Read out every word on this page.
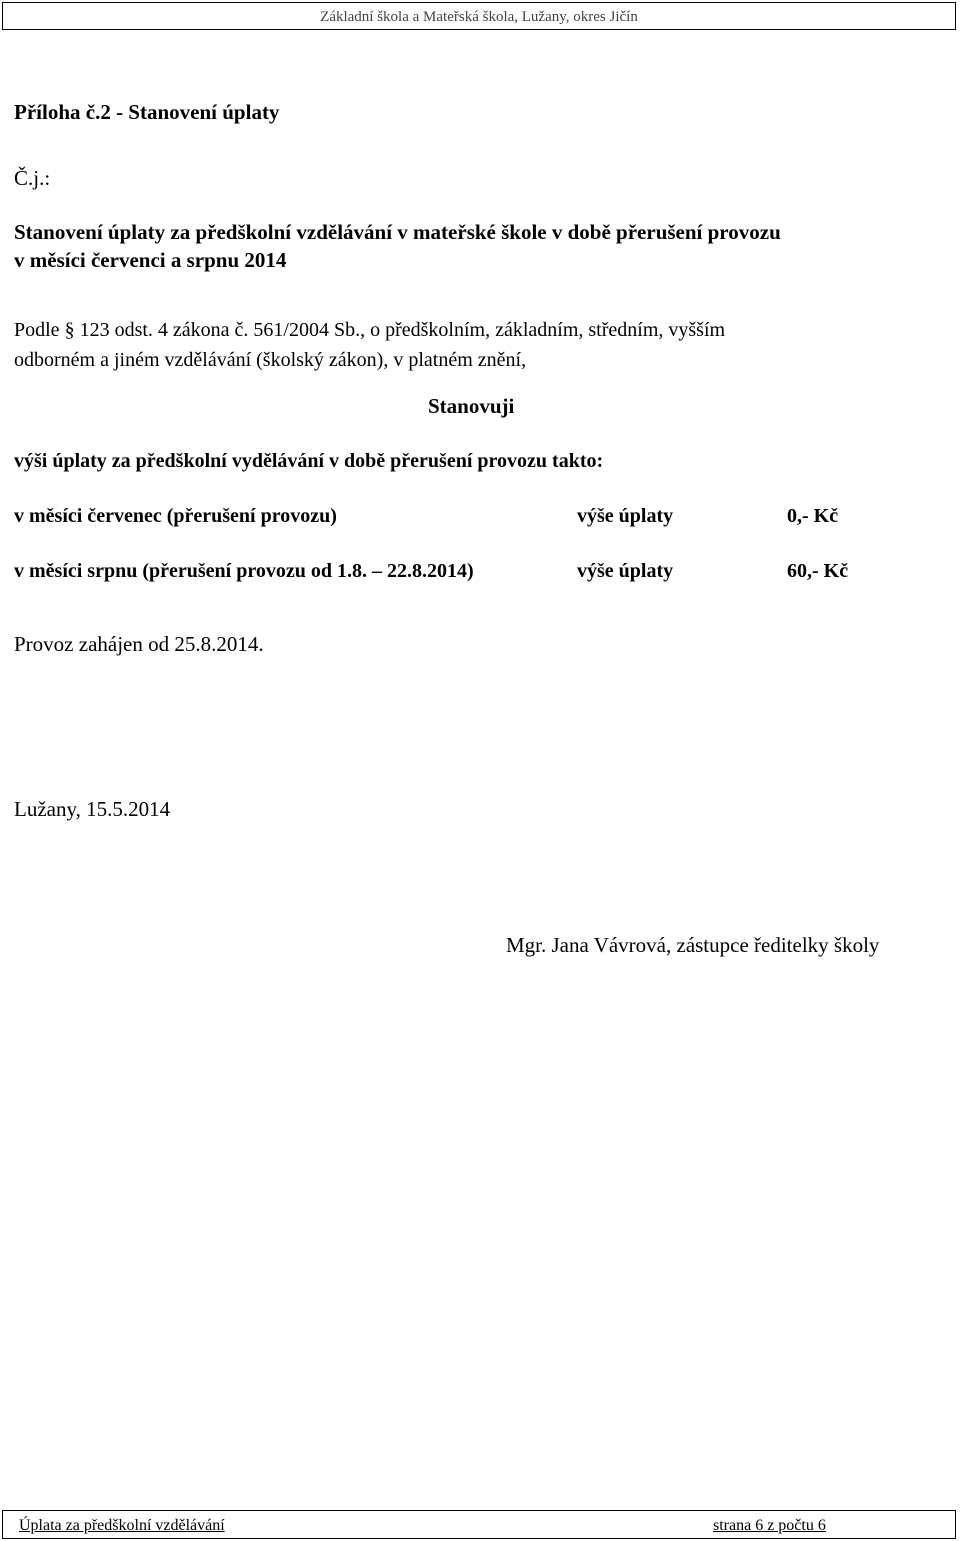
Základní škola a Mateřská škola, Lužany, okres Jičín
Příloha č.2 - Stanovení úplaty
Č.j.:
Stanovení úplaty za předškolní vzdělávání v mateřské škole v době přerušení provozu
v měsíci červenci a srpnu 2014
Podle § 123 odst. 4 zákona č. 561/2004 Sb., o předškolním, základním, středním, vyšším
odborném a jiném vzdělávání (školský zákon), v platném znění,
Stanovuji
výši úplaty za předškolní vydělávání v době přerušení provozu takto:
v měsíci červenec (přerušení provozu)	výše úplaty	0,- Kč
v měsíci srpnu (přerušení provozu od 1.8. – 22.8.2014)	výše úplaty	60,- Kč
Provoz zahájen od 25.8.2014.
Lužany, 15.5.2014
Mgr. Jana Vávrová, zástupce ředitelky školy
Úplata za předškolní vzdělávání	strana 6 z počtu 6
